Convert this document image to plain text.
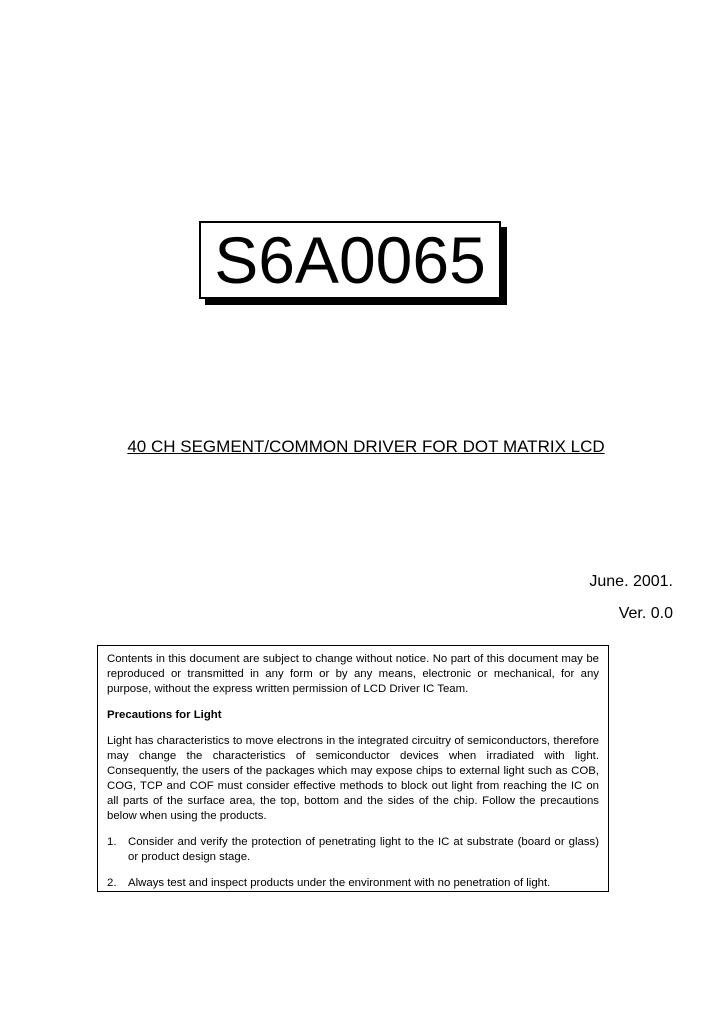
S6A0065
40 CH SEGMENT/COMMON DRIVER FOR DOT MATRIX LCD
June. 2001.
Ver. 0.0

Contents in this document are subject to change without notice. No part of this document may be reproduced or transmitted in any form or by any means, electronic or mechanical, for any purpose, without the express written permission of LCD Driver IC Team.

Precautions for Light

Light has characteristics to move electrons in the integrated circuitry of semiconductors, therefore may change the characteristics of semiconductor devices when irradiated with light. Consequently, the users of the packages which may expose chips to external light such as COB, COG, TCP and COF must consider effective methods to block out light from reaching the IC on all parts of the surface area, the top, bottom and the sides of the chip. Follow the precautions below when using the products.

1.	Consider and verify the protection of penetrating light to the IC at substrate (board or glass) or product design stage.
2.	Always test and inspect products under the environment with no penetration of light.
